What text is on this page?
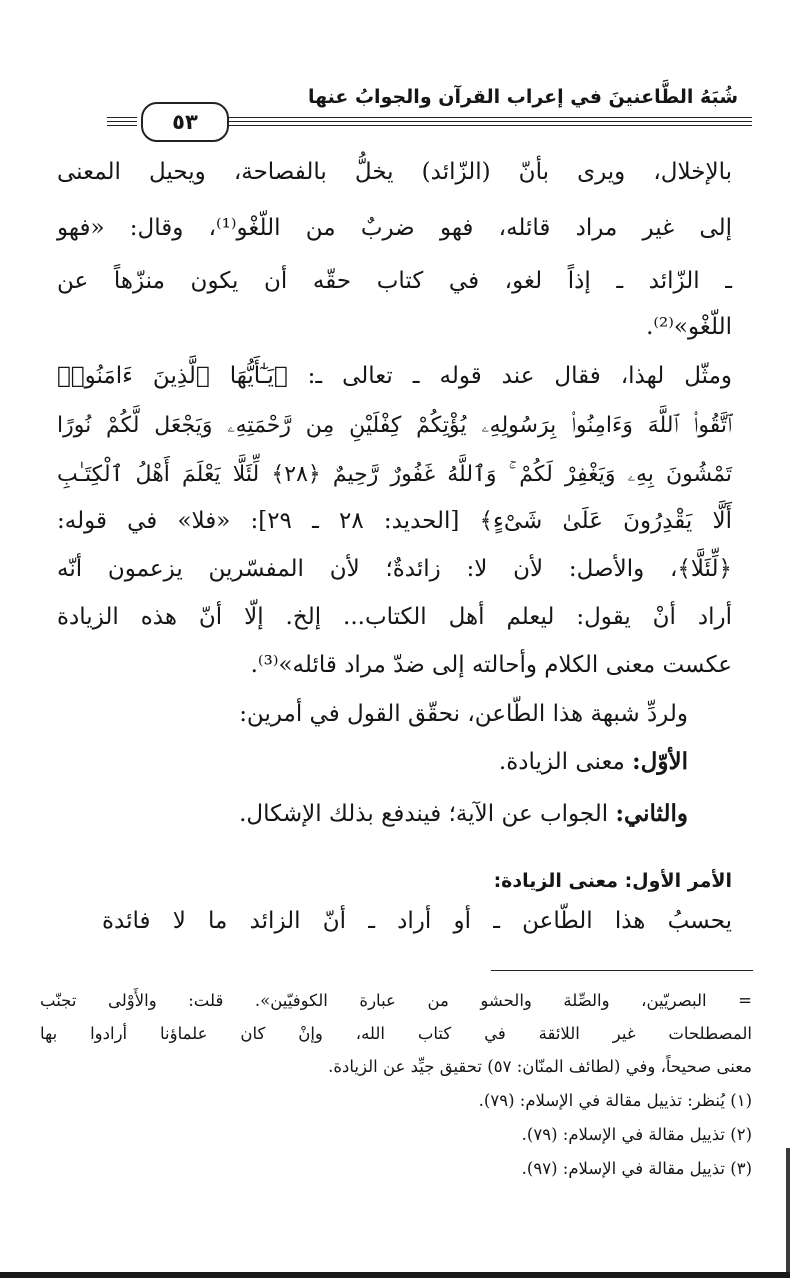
شُبَهُ الطَّاعنينَ في إعراب القرآن والجوابُ عنها
٥٣
بالإخلال، ويرى بأنّ (الزّائد) يخلُّ بالفصاحة، ويحيل المعنى
إلى غير مراد قائله، فهو ضربٌ من اللّغْو⁽¹⁾، وقال: «فهو
ـ الزّائد ـ إذاً لغو، في كتاب حقّه أن يكون منزّهاً عن
اللّغْو»⁽²⁾.
ومثّل لهذا، فقال عند قوله ـ تعالى ـ: ﴿يَـٰٓأَيُّهَا ٱلَّذِينَ ءَامَنُوا۟
ٱتَّقُوا۟ ٱللَّهَ وَءَامِنُوا۟ بِرَسُولِهِۦ يُؤْتِكُمْ كِفْلَيْنِ مِن رَّحْمَتِهِۦ وَيَجْعَل لَّكُمْ نُورًا
تَمْشُونَ بِهِۦ وَيَغْفِرْ لَكُمْ ۚ وَٱللَّهُ غَفُورٌ رَّحِيمٌ ﴿٢٨﴾ لِّئَلَّا يَعْلَمَ أَهْلُ ٱلْكِتَـٰبِ
أَلَّا يَقْدِرُونَ عَلَىٰ شَىْءٍ﴾ [الحديد: ٢٨ ـ ٢٩]: «فلا» في قوله:
﴿لِّئَلَّا﴾، والأصل: لأن لا: زائدةٌ؛ لأن المفسّرين يزعمون أنّه
أراد أنْ يقول: ليعلم أهل الكتاب... إلخ. إلّا أنّ هذه الزيادة
عكست معنى الكلام وأحالته إلى ضدّ مراد قائله»⁽³⁾.
ولردِّ شبهة هذا الطّاعن، نحقّق القول في أمرين:
الأوّل: معنى الزيادة.
والثاني: الجواب عن الآية؛ فيندفع بذلك الإشكال.
الأمر الأول: معنى الزيادة:
يحسبُ هذا الطّاعن ـ أو أراد ـ أنّ الزائد ما لا فائدة
= البصريّين، والصِّلة والحشو من عبارة الكوفيّين». قلت: والأَوْلى تجنّب
المصطلحات غير اللائقة في كتاب الله، وإنْ كان علماؤنا أرادوا بها
معنى صحيحاً، وفي (لطائف المنّان: ٥٧) تحقيق جيِّد عن الزيادة.
(١) يُنظر: تذييل مقالة في الإسلام: (٧٩).
(٢) تذييل مقالة في الإسلام: (٧٩).
(٣) تذييل مقالة في الإسلام: (٩٧).
